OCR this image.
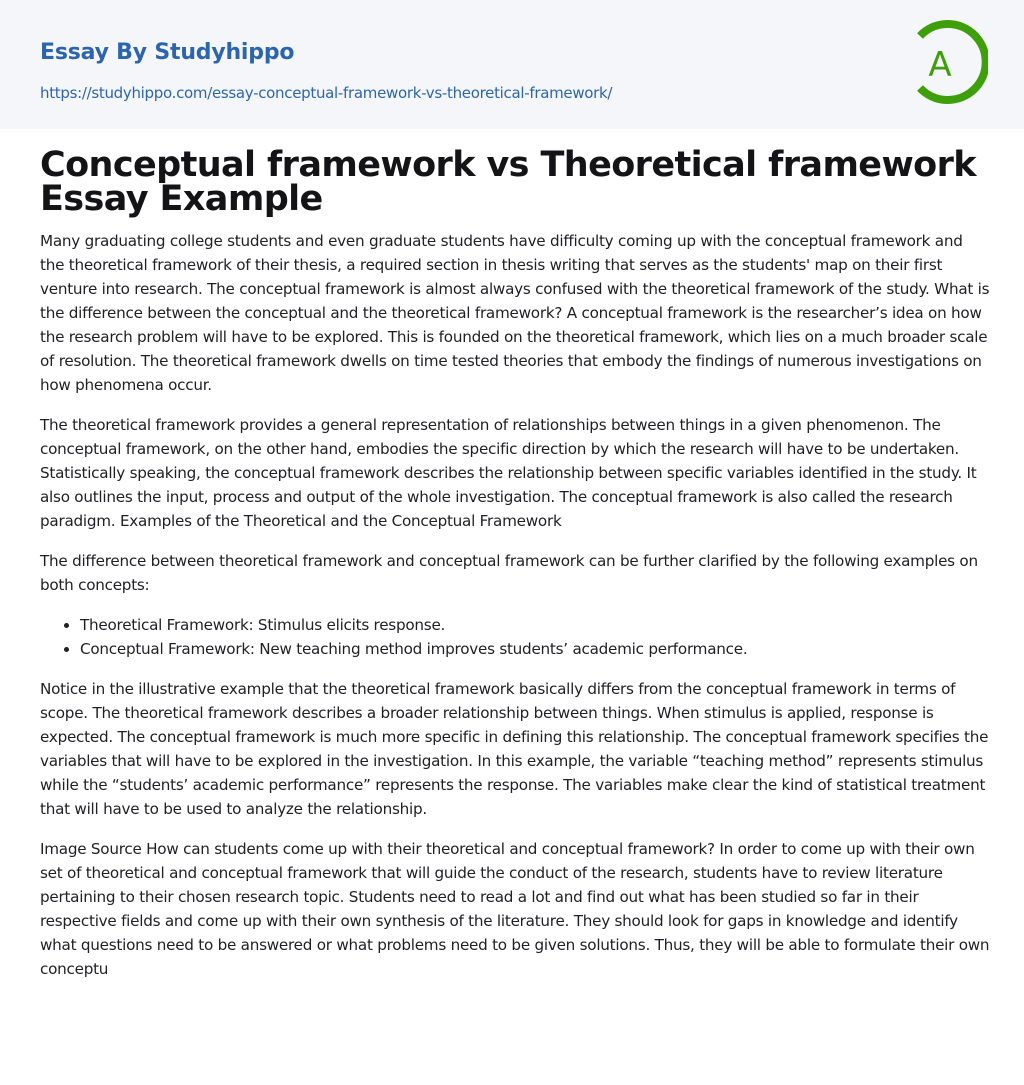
Essay By Studyhippo
https://studyhippo.com/essay-conceptual-framework-vs-theoretical-framework/
A
Conceptual framework vs Theoretical framework Essay Example

Many graduating college students and even graduate students have difficulty coming up with the conceptual framework and the theoretical framework of their thesis, a required section in thesis writing that serves as the students' map on their first venture into research. The conceptual framework is almost always confused with the theoretical framework of the study. What is the difference between the conceptual and the theoretical framework? A conceptual framework is the researcher’s idea on how the research problem will have to be explored. This is founded on the theoretical framework, which lies on a much broader scale of resolution. The theoretical framework dwells on time tested theories that embody the findings of numerous investigations on how phenomena occur.

The theoretical framework provides a general representation of relationships between things in a given phenomenon. The conceptual framework, on the other hand, embodies the specific direction by which the research will have to be undertaken. Statistically speaking, the conceptual framework describes the relationship between specific variables identified in the study. It also outlines the input, process and output of the whole investigation. The conceptual framework is also called the research paradigm. Examples of the Theoretical and the Conceptual Framework

The difference between theoretical framework and conceptual framework can be further clarified by the following examples on both concepts:

• Theoretical Framework: Stimulus elicits response.
• Conceptual Framework: New teaching method improves students’ academic performance.

Notice in the illustrative example that the theoretical framework basically differs from the conceptual framework in terms of scope. The theoretical framework describes a broader relationship between things. When stimulus is applied, response is expected. The conceptual framework is much more specific in defining this relationship. The conceptual framework specifies the variables that will have to be explored in the investigation. In this example, the variable “teaching method” represents stimulus while the “students’ academic performance” represents the response. The variables make clear the kind of statistical treatment that will have to be used to analyze the relationship.

Image Source How can students come up with their theoretical and conceptual framework? In order to come up with their own set of theoretical and conceptual framework that will guide the conduct of the research, students have to review literature pertaining to their chosen research topic. Students need to read a lot and find out what has been studied so far in their respective fields and come up with their own synthesis of the literature. They should look for gaps in knowledge and identify what questions need to be answered or what problems need to be given solutions. Thus, they will be able to formulate their own conceptu
